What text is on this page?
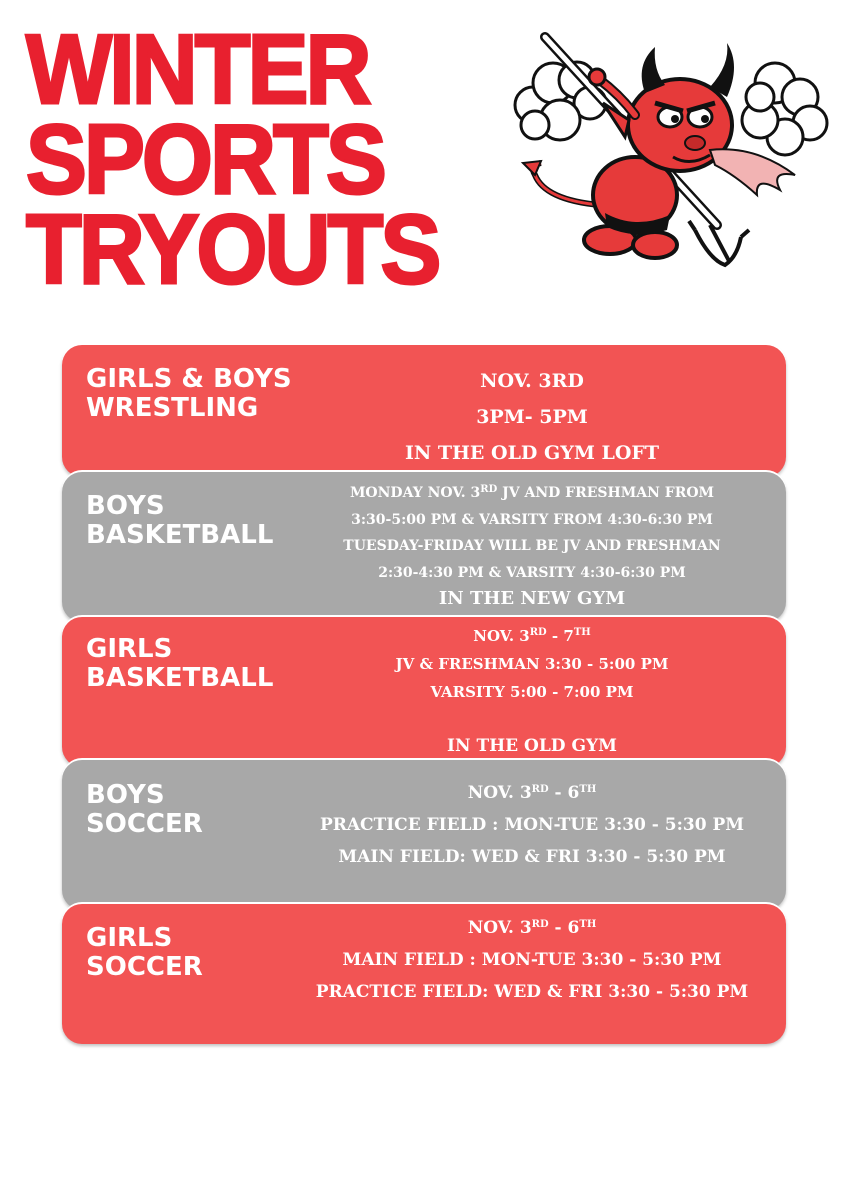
WINTER
SPORTS
TRYOUTS
GIRLS & BOYS
WRESTLING
NOV. 3RD
3PM- 5PM
IN THE OLD GYM LOFT
BOYS
BASKETBALL
MONDAY NOV. 3RD JV AND FRESHMAN FROM
3:30-5:00 PM & VARSITY FROM 4:30-6:30 PM
TUESDAY-FRIDAY WILL BE JV AND FRESHMAN
2:30-4:30 PM & VARSITY 4:30-6:30 PM
IN THE NEW GYM
GIRLS
BASKETBALL
NOV. 3RD - 7TH
JV & FRESHMAN 3:30 - 5:00 PM
VARSITY 5:00 - 7:00 PM
IN THE OLD GYM
BOYS
SOCCER
NOV. 3RD - 6TH
PRACTICE FIELD : MON-TUE 3:30 - 5:30 PM
MAIN FIELD: WED & FRI 3:30 - 5:30 PM
GIRLS
SOCCER
NOV. 3RD - 6TH
MAIN FIELD : MON-TUE 3:30 - 5:30 PM
PRACTICE FIELD: WED & FRI 3:30 - 5:30 PM
